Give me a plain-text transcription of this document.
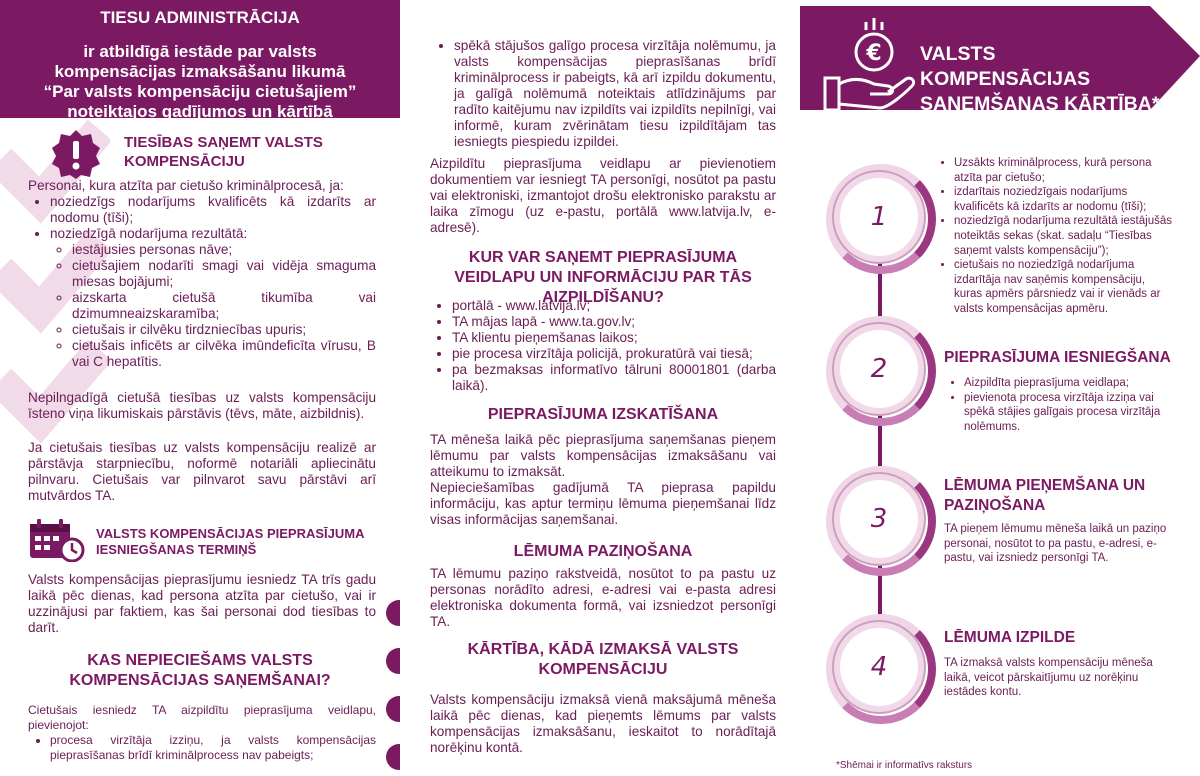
TIESU ADMINISTRĀCIJA
ir atbildīgā iestāde par valsts kompensācijas izmaksāšanu likumā “Par valsts kompensāciju cietušajiem” noteiktajos gadījumos un kārtībā
TIESĪBAS SAŅEMT VALSTS KOMPENSĀCIJU
Personai, kura atzīta par cietušo kriminālprocesā, ja:
• noziedzīgs nodarījums kvalificēts kā izdarīts ar nodomu (tīši);
• noziedzīgā nodarījuma rezultātā:
◦ iestājusies personas nāve;
◦ cietušajiem nodarīti smagi vai vidēja smaguma miesas bojājumi;
◦ aizskarta cietušā tikumība vai dzimumneaizskaramība;
◦ cietušais ir cilvēku tirdzniecības upuris;
◦ cietušais inficēts ar cilvēka imūndeficīta vīrusu, B vai C hepatītis.
Nepilngadīgā cietušā tiesības uz valsts kompensāciju īsteno viņa likumiskais pārstāvis (tēvs, māte, aizbildnis).
Ja cietušais tiesības uz valsts kompensāciju realizē ar pārstāvja starpniecību, noformē notariāli apliecinātu pilnvaru. Cietušais var pilnvarot savu pārstāvi arī mutvārdos TA.
VALSTS KOMPENSĀCIJAS PIEPRASĪJUMA IESNIEGŠANAS TERMIŅŠ
Valsts kompensācijas pieprasījumu iesniedz TA trīs gadu laikā pēc dienas, kad persona atzīta par cietušo, vai ir uzzinājusi par faktiem, kas šai personai dod tiesības to darīt.
KAS NEPIECIEŠAMS VALSTS KOMPENSĀCIJAS SAŅEMŠANAI?
Cietušais iesniedz TA aizpildītu pieprasījuma veidlapu, pievienojot:
• procesa virzītāja izziņu, ja valsts kompensācijas pieprasīšanas brīdī kriminālprocess nav pabeigts;
• spēkā stājušos galīgo procesa virzītāja nolēmumu, ja valsts kompensācijas pieprasīšanas brīdī kriminālprocess ir pabeigts, kā arī izpildu dokumentu, ja galīgā nolēmumā noteiktais atlīdzinājums par radīto kaitējumu nav izpildīts vai izpildīts nepilnīgi, vai informē, kuram zvērinātam tiesu izpildītājam tas iesniegts piespiedu izpildei.
Aizpildītu pieprasījuma veidlapu ar pievienotiem dokumentiem var iesniegt TA personīgi, nosūtot pa pastu vai elektroniski, izmantojot drošu elektronisko parakstu ar laika zīmogu (uz e-pastu, portālā www.latvija.lv, e-adresē).
KUR VAR SAŅEMT PIEPRASĪJUMA VEIDLAPU UN INFORMĀCIJU PAR TĀS AIZPILDĪŠANU?
• portālā - www.latvija.lv;
• TA mājas lapā - www.ta.gov.lv;
• TA klientu pieņemšanas laikos;
• pie procesa virzītāja policijā, prokuratūrā vai tiesā;
• pa bezmaksas informatīvo tālruni 80001801 (darba laikā).
PIEPRASĪJUMA IZSKATĪŠANA
TA mēneša laikā pēc pieprasījuma saņemšanas pieņem lēmumu par valsts kompensācijas izmaksāšanu vai atteikumu to izmaksāt.
Nepieciešamības gadījumā TA pieprasa papildu informāciju, kas aptur termiņu lēmuma pieņemšanai līdz visas informācijas saņemšanai.
LĒMUMA PAZIŅOŠANA
TA lēmumu paziņo rakstveidā, nosūtot to pa pastu uz personas norādīto adresi, e-adresi vai e-pasta adresi elektroniska dokumenta formā, vai izsniedzot personīgi TA.
KĀRTĪBA, KĀDĀ IZMAKSĀ VALSTS KOMPENSĀCIJU
Valsts kompensāciju izmaksā vienā maksājumā mēneša laikā pēc dienas, kad pieņemts lēmums par valsts kompensācijas izmaksāšanu, ieskaitot to norādītajā norēķinu kontā.
€ VALSTS KOMPENSĀCIJAS SAŅEMŠANAS KĀRTĪBA*
1
2
3
4
• Uzsākts kriminālprocess, kurā persona atzīta par cietušo;
• izdarītais noziedzīgais nodarījums kvalificēts kā izdarīts ar nodomu (tīši);
• noziedzīgā nodarījuma rezultātā iestājušās noteiktās sekas (skat. sadaļu “Tiesības saņemt valsts kompensāciju”);
• cietušais no noziedzīgā nodarījuma izdarītāja nav saņēmis kompensāciju, kuras apmērs pārsniedz vai ir vienāds ar valsts kompensācijas apmēru.
PIEPRASĪJUMA IESNIEGŠANA
• Aizpildīta pieprasījuma veidlapa;
• pievienota procesa virzītāja izziņa vai spēkā stājies galīgais procesa virzītāja nolēmums.
LĒMUMA PIEŅEMŠANA UN PAZIŅOŠANA
TA pieņem lēmumu mēneša laikā un paziņo personai, nosūtot to pa pastu, e-adresi, e-pastu, vai izsniedz personīgi TA.
LĒMUMA IZPILDE
TA izmaksā valsts kompensāciju mēneša laikā, veicot pārskaitījumu uz norēķinu iestādes kontu.
*Shēmai ir informatīvs raksturs
